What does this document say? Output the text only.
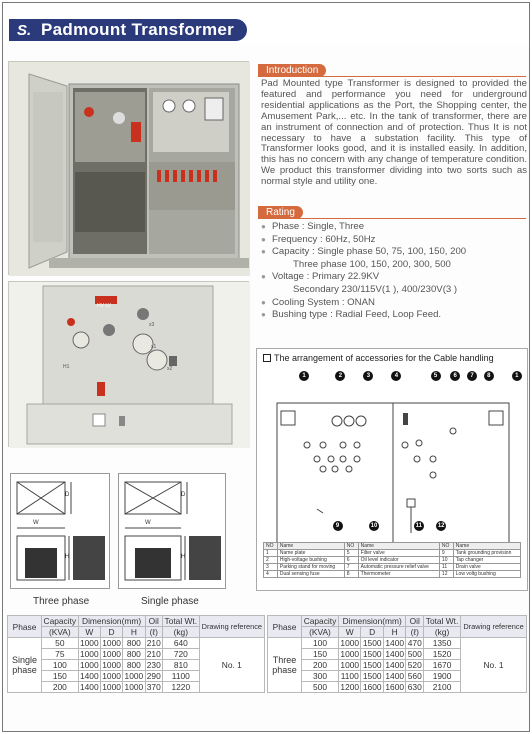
S. Padmount Transformer
HV LV
H1
x3
x1
x2
Introduction
Pad Mounted type Transformer is designed to provided the featured and performance you need for underground residential applications as the Port, the Shopping center, the Amusement Park,... etc. In the tank of transformer, there are an instrument of connection and of protection. Thus It is not necessary to have a substation facility. This type of Transformer looks good, and it is installed easily. In addition, this has no concern with any change of temperature condition. We product this transformer dividing into two sorts such as normal style and utility one.
Rating
● Phase : Single, Three
● Frequency : 60Hz, 50Hz
● Capacity : Single phase 50, 75, 100, 150, 200
Three phase 100, 150, 200, 300, 500
● Voltage : Primary 22.9KV
Secondary 230/115V(1 ), 400/230V(3 )
● Cooling System : ONAN
● Bushing type : Radial Feed, Loop Feed.
The arrangement of accessories for the Cable handling
1	2	3	4	5	6	7	8	1
9	10	11	12
NO	Name	NO	Name	NO	Name
1	Name plate	5	Filter valve	9	Tank grounding provision
2	High-voltage bushing	6	Oil level indicator	10	Tap changer
3	Parking stand for moving	7	Automatic pressure relief valve	11	Drain valve
4	Dual sensing fuse	8	Thermometer	12	Low voltg bushing
D
W
H
D
W
H
Three phase	Single phase
Phase	Capacity	Dimension(mm)			Oil	Total Wt.	Drawing reference
	(KVA)	W	D	H	(ℓ)	(kg)	
Single phase	50	1000	1000	800	210	640	No. 1
	75	1000	1000	800	210	720	
	100	1000	1000	800	230	810	
	150	1400	1000	1000	290	1100	
	200	1400	1000	1000	370	1220	
Phase	Capacity	Dimension(mm)			Oil	Total Wt.	Drawing reference
	(KVA)	W	D	H	(ℓ)	(kg)	
Three phase	100	1000	1500	1400	470	1350	No. 1
	150	1000	1500	1400	500	1520	
	200	1000	1500	1400	520	1670	
	300	1100	1500	1400	560	1900	
	500	1200	1600	1600	630	2100	
